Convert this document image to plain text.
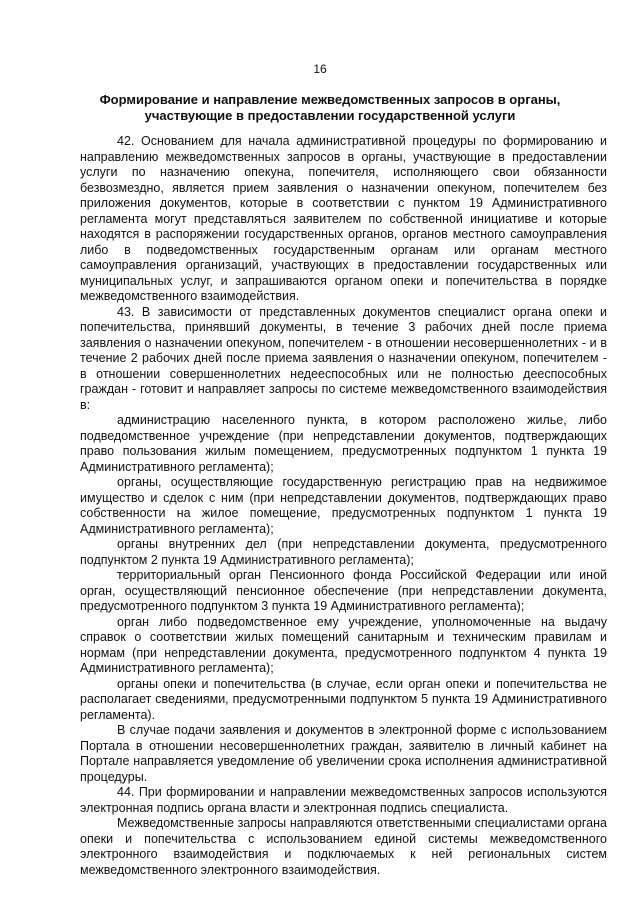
16
Формирование и направление межведомственных запросов в органы, участвующие в предоставлении государственной услуги

42. Основанием для начала административной процедуры по формированию и направлению межведомственных запросов в органы, участвующие в предоставлении услуги по назначению опекуна, попечителя, исполняющего свои обязанности безвозмездно, является прием заявления о назначении опекуном, попечителем без приложения документов, которые в соответствии с пунктом 19 Административного регламента могут представляться заявителем по собственной инициативе и которые находятся в распоряжении государственных органов, органов местного самоуправления либо в подведомственных государственным органам или органам местного самоуправления организаций, участвующих в предоставлении государственных или муниципальных услуг, и запрашиваются органом опеки и попечительства в порядке межведомственного взаимодействия.

43. В зависимости от представленных документов специалист органа опеки и попечительства, принявший документы, в течение 3 рабочих дней после приема заявления о назначении опекуном, попечителем - в отношении несовершеннолетних - и в течение 2 рабочих дней после приема заявления о назначении опекуном, попечителем - в отношении совершеннолетних недееспособных или не полностью дееспособных граждан - готовит и направляет запросы по системе межведомственного взаимодействия в:

администрацию населенного пункта, в котором расположено жилье, либо подведомственное учреждение (при непредставлении документов, подтверждающих право пользования жилым помещением, предусмотренных подпунктом 1 пункта 19 Административного регламента);

органы, осуществляющие государственную регистрацию прав на недвижимое имущество и сделок с ним (при непредставлении документов, подтверждающих право собственности на жилое помещение, предусмотренных подпунктом 1 пункта 19 Административного регламента);

органы внутренних дел (при непредставлении документа, предусмотренного подпунктом 2 пункта 19 Административного регламента);

территориальный орган Пенсионного фонда Российской Федерации или иной орган, осуществляющий пенсионное обеспечение (при непредставлении документа, предусмотренного подпунктом 3 пункта 19 Административного регламента);

орган либо подведомственное ему учреждение, уполномоченные на выдачу справок о соответствии жилых помещений санитарным и техническим правилам и нормам (при непредставлении документа, предусмотренного подпунктом 4 пункта 19 Административного регламента);

органы опеки и попечительства (в случае, если орган опеки и попечительства не располагает сведениями, предусмотренными подпунктом 5 пункта 19 Административного регламента).

В случае подачи заявления и документов в электронной форме с использованием Портала в отношении несовершеннолетних граждан, заявителю в личный кабинет на Портале направляется уведомление об увеличении срока исполнения административной процедуры.

44. При формировании и направлении межведомственных запросов используются электронная подпись органа власти и электронная подпись специалиста.

Межведомственные запросы направляются ответственными специалистами органа опеки и попечительства с использованием единой системы межведомственного электронного взаимодействия и подключаемых к ней региональных систем межведомственного электронного взаимодействия.
